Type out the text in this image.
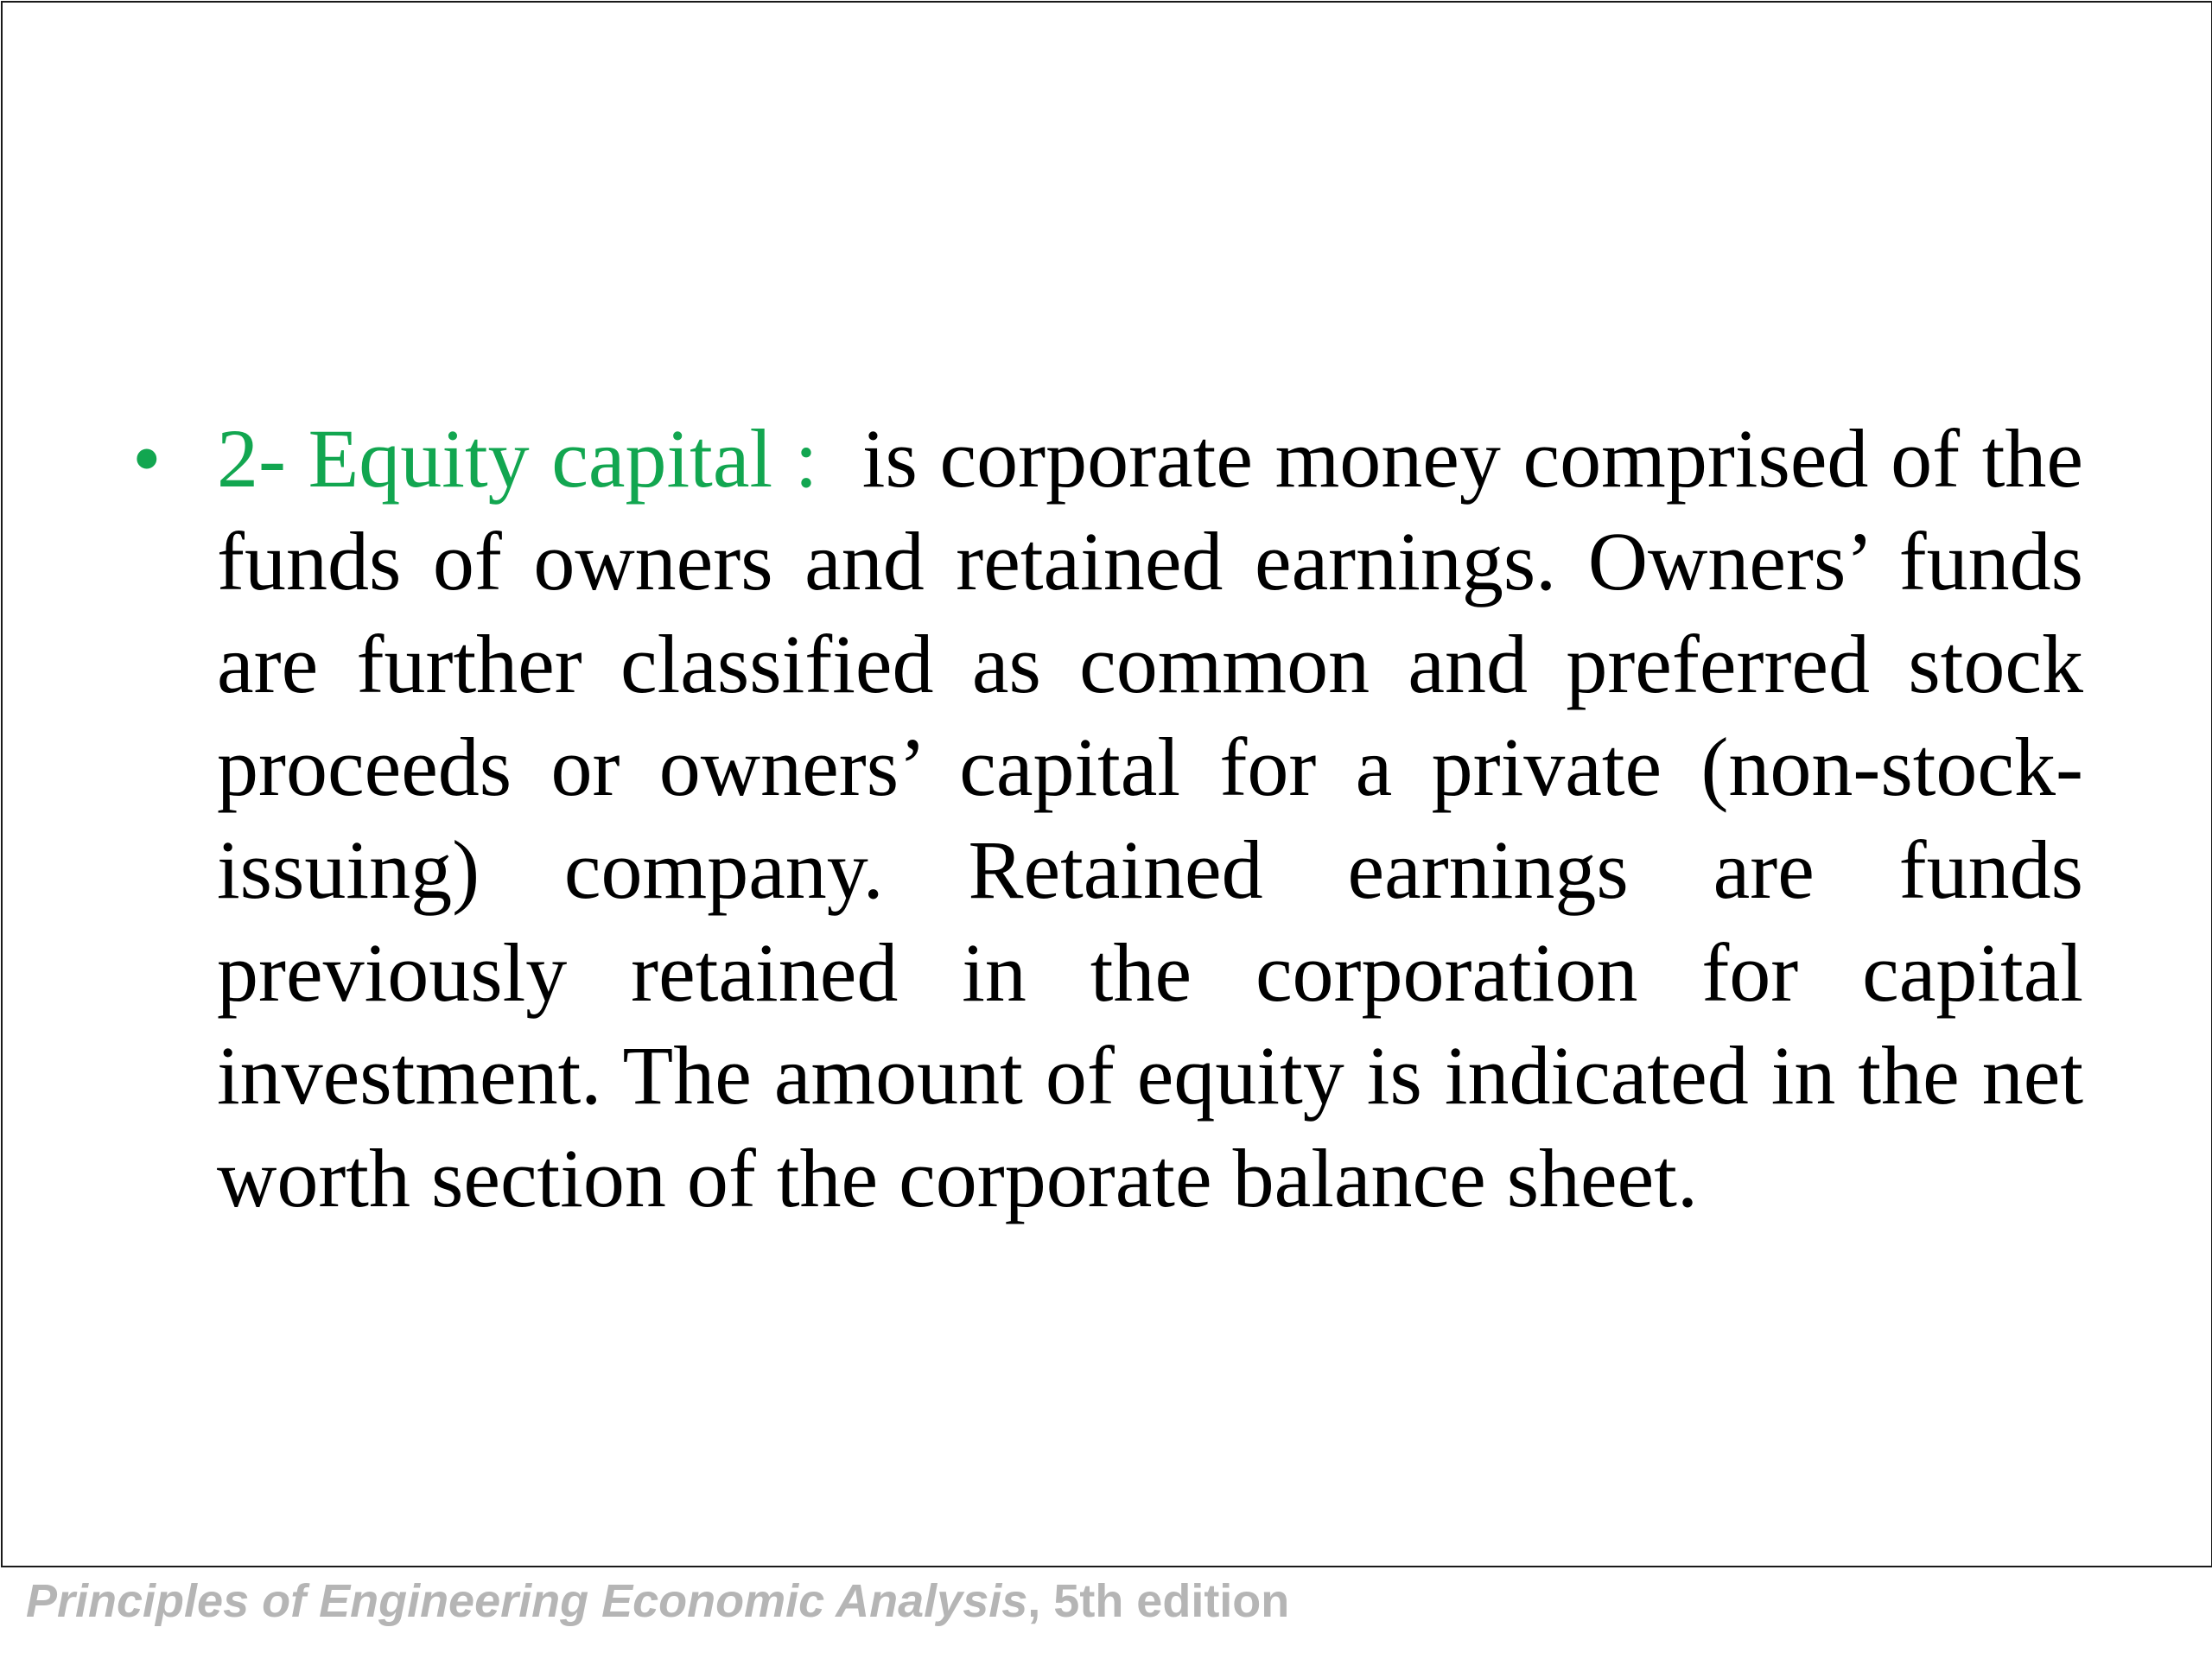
• 2- Equity capital : is corporate money comprised of the funds of owners and retained earnings. Owners’ funds are further classified as common and preferred stock proceeds or owners’ capital for a private (non-stock-issuing) company. Retained earnings are funds previously retained in the corporation for capital investment. The amount of equity is indicated in the net worth section of the corporate balance sheet.
Principles of Engineering Economic Analysis, 5th edition
